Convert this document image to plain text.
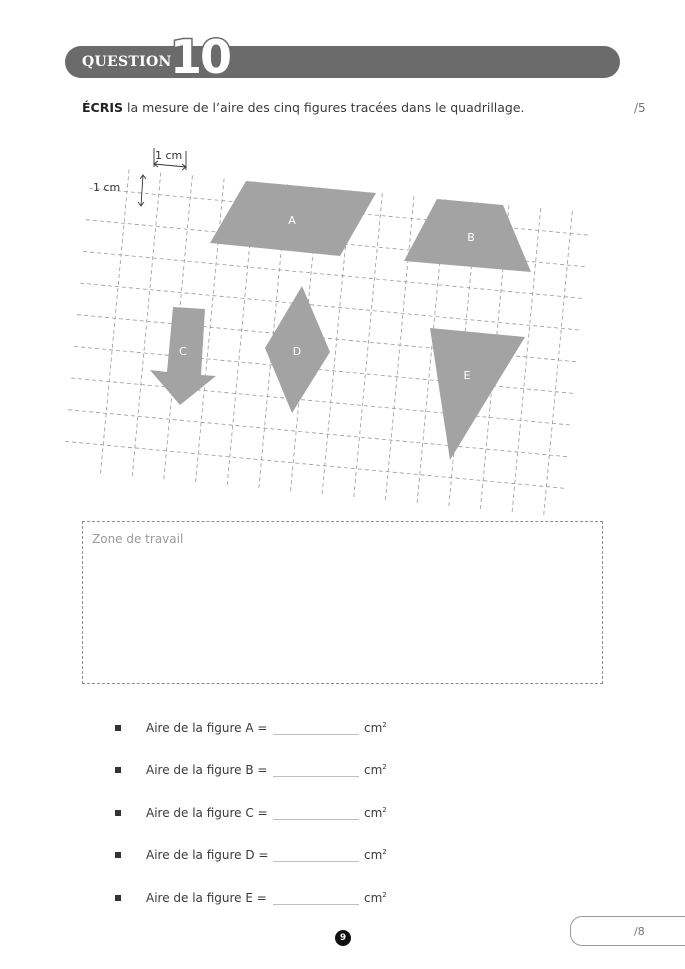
QUESTION
10
ÉCRIS la mesure de l’aire des cinq figures tracées dans le quadrillage.	/5
A
B
C	D
E
1 cm
1 cm
Zone de travail
Aire de la figure A =	$cm^2$
Aire de la figure B =	$cm^2$
Aire de la figure C =	$cm^2$
Aire de la figure D =	$cm^2$
Aire de la figure E =	$cm^2$
9	/8
